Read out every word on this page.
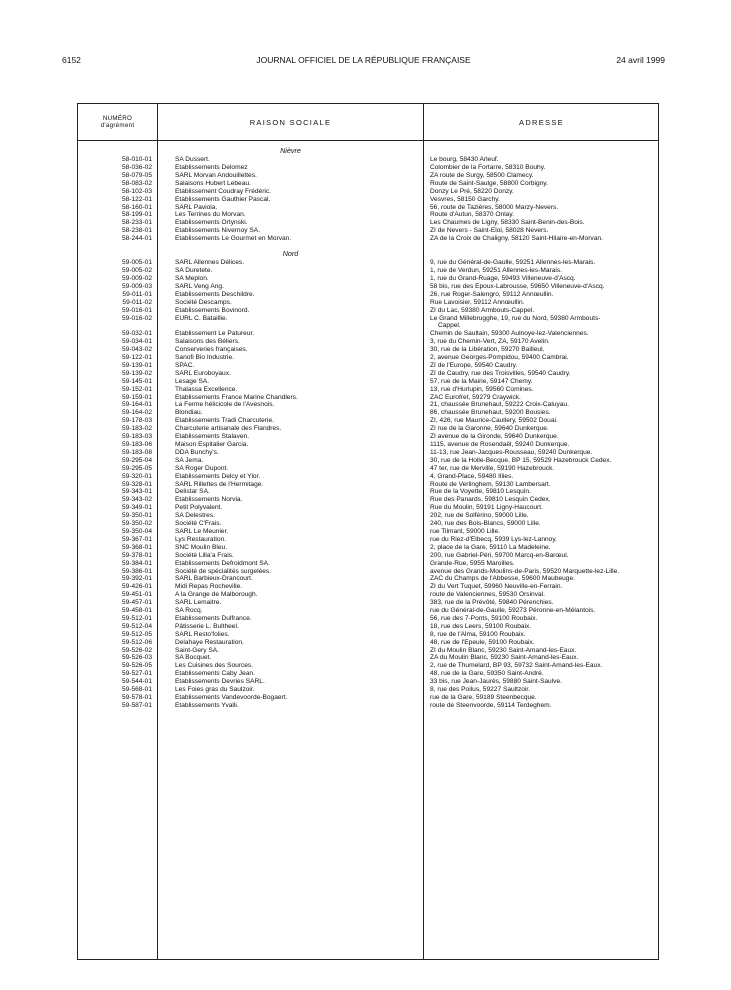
6152	JOURNAL OFFICIEL DE LA RÉPUBLIQUE FRANÇAISE	24 avril 1999
NUMÉRO
d'agrément	RAISON SOCIALE	ADRESSE
Nièvre
58-010-01	SA Dussert.	Le bourg, 58430 Arleuf.
58-036-02	Etablissements Delomez	Colombier de la Fortarre, 58310 Bouhy.
58-079-05	SARL Morvan Andouillettes.	ZA route de Surgy, 58500 Clamecy.
58-083-02	Salaisons Hubert Lebeau.	Route de Saint-Saulge, 58800 Corbigny.
58-102-03	Etablissement Coudray Frédéric.	Donzy Le Pré, 58220 Donzy.
58-122-01	Etablissements Gauthier Pascal.	Vesvres, 58150 Garchy.
58-160-01	SARL Paviola.	56, route de Tazières, 58000 Marzy-Nevers.
58-199-01	Les Terrines du Morvan.	Route d'Autun, 58370 Onlay.
58-233-01	Etablissements Ortynski.	Les Chaumes de Ligny, 58330 Saint-Benin-des-Bois.
58-238-01	Etablissements Nivernoy SA.	ZI de Nevers - Saint-Eloi, 58028 Nevers.
58-244-01	Etablissements Le Gourmet en Morvan.	ZA de la Croix de Chaligny, 58120 Saint-Hilaire-en-Morvan.
Nord
59-005-01	SARL Allennes Délices.	9, rue du Général-de-Gaulle, 59251 Allennes-les-Marais.
59-005-02	SA Duretete.	1, rue de Verdun, 59251 Allennes-les-Marais.
59-009-02	SA Meplon.	1, rue du Grand-Ruage, 59493 Villeneuve-d'Ascq.
59-009-03	SARL Veng Ang.	58 bis, rue des Epoux-Labrousse, 59650 Villeneuve-d'Ascq.
59-011-01	Etablissements Deschildre.	26, rue Roger-Salengro, 59112 Annœullin.
59-011-02	Société Descamps.	Rue Lavoisier, 59112 Annœullin.
59-016-01	Etablissements Bovinord.	ZI du Lac, 59380 Armbouts-Cappel.
59-016-02	EURL C. Bataillie.	Le Grand Millebrugghe, 19, rue du Nord, 59380 Armbouts-
Cappel.
59-032-01	Etablissement Le Patureur.	Chemin de Saultain, 59300 Aulnoye-lez-Valenciennes.
59-034-01	Salaisons des Béliers.	3, rue du Chemin-Vert, ZA, 59170 Avelin.
59-043-02	Conserveries françaises.	30, rue de la Libération, 59270 Bailleul.
59-122-01	Sanofi Bio Industrie.	2, avenue Georges-Pompidou, 59400 Cambrai.
59-139-01	SPAC.	ZI de l'Europe, 59540 Caudry.
59-139-02	SARL Euroboyaux.	ZI de Caudry, rue des Troisvilles, 59540 Caudry.
59-145-01	Lesage SA.	57, rue de la Mairie, 59147 Chemy.
59-152-01	Thalassa Excellence.	13, rue d'Hurlupin, 59560 Comines.
59-159-01	Etablissements France Marine Chandlers.	ZAC Eurofret, 59279 Craywick.
59-164-01	La Ferme hélicicole de l'Avesnois.	21, chaussée Brunehaut, 59222 Croix-Caluyau.
59-164-02	Blondiau.	86, chaussée Brunehaut, 59200 Bousies.
59-178-03	Etablissements Tradi Charcuterie.	ZI, 426, rue Maurice-Caullery, 59502 Douai.
59-183-02	Charcuterie artisanale des Flandres.	ZI rue de la Garonne, 59640 Dunkerque.
59-183-03	Etablissements Stalaven.	ZI avenue de la Gironde, 59640 Dunkerque.
59-183-06	Maison Espitalier Garcia.	1115, avenue de Rosendaël, 59240 Dunkerque.
59-183-08	DDA Bunchy's.	11-13, rue Jean-Jacques-Rousseau, 59240 Dunkerque.
59-295-04	SA Jema.	30, rue de la Holle-Becque, BP 15, 59529 Hazebrouck Cedex.
59-295-05	SA Roger Dupont.	47 ter, rue de Merville, 59190 Hazebrouck.
59-320-01	Etablissements Delcy et Ylor.	4, Grand-Place, 59480 Illies.
59-328-01	SARL Rillettes de l'Hermitage.	Route de Verlinghem, 59130 Lambersart.
59-343-01	Delistar SA.	Rue de la Voyette, 59810 Lesquin.
59-343-02	Etablissements Norvia.	Rue des Panards, 59810 Lesquin Cedex.
59-349-01	Petit Polyvalent.	Rue du Moulin, 59191 Ligny-Haucourt.
59-350-01	SA Delestres.	202, rue de Solférino, 59000 Lille.
59-350-02	Société C'Frais.	240, rue des Bois-Blancs, 59000 Lille.
59-350-04	SARL Le Meunier.	rue Tilmant, 59000 Lille.
59-367-01	Lys Restauration.	rue du Riez-d'Elbecq, 5939 Lys-lez-Lannoy.
59-368-01	SNC Moulin Bleu.	2, place de la Gare, 59110 La Madeleine.
59-378-01	Société Lilla'a Frais.	200, rue Gabriel-Péri, 59700 Marcq-en-Barœul.
59-384-01	Etablissements Defroidmont SA.	Grande-Rue, 5955 Maroilles.
59-386-01	Société de spécialités surgelées.	avenue des Grands-Moulins-de-Paris, 59520 Marquette-lez-Lille.
59-392-01	SARL Barbieux-Drancourt.	ZAC du Champs de l'Abbesse, 59600 Maubeuge.
59-426-01	Midi Repas Rocheville.	ZI du Vert Tuquet, 59960 Neuville-en-Ferrain.
59-451-01	A la Grange de Malborough.	route de Valenciennes, 59530 Orsinval.
59-457-01	SARL Lemaitre.	383, rue de la Prévôté, 59840 Pérenchies.
59-458-01	SA Rocq.	rue du Général-de-Gaulle, 59273 Péronne-en-Mélantois.
59-512-01	Etablissements Dulfrance.	56, rue des 7-Ponts, 59100 Roubaix.
59-512-04	Pâtisserie L. Bultheel.	18, rue des Leers, 59100 Roubaix.
59-512-05	SARL Resto'folies.	8, rue de l'Alma, 59100 Roubaix.
59-512-06	Delahaye Restauration.	48, rue de l'Epeule, 59100 Roubaix.
59-526-02	Saint-Gery SA.	ZI du Moulin Blanc, 59230 Saint-Amand-les-Eaux.
59-526-03	SA Bocquet.	ZA du Moulin Blanc, 59230 Saint-Amand-les-Eaux.
59-526-05	Les Cuisines des Sources.	2, rue de Thumelard, BP 93, 59732 Saint-Amand-les-Eaux.
59-527-01	Etablissements Caby Jean.	48, rue de la Gare, 59350 Saint-André.
59-544-01	Etablissements Devries SARL.	33 bis, rue Jean-Jaurès, 59880 Saint-Saulve.
59-568-01	Les Foies gras du Saulzoir.	8, rue des Poilus, 59227 Saultzoir.
59-578-01	Etablissements Vandevoorde-Bogaert.	rue de la Gare, 59189 Steenbecque.
59-587-01	Etablissements Yvalli.	route de Steenvoorde, 59114 Terdeghem.
